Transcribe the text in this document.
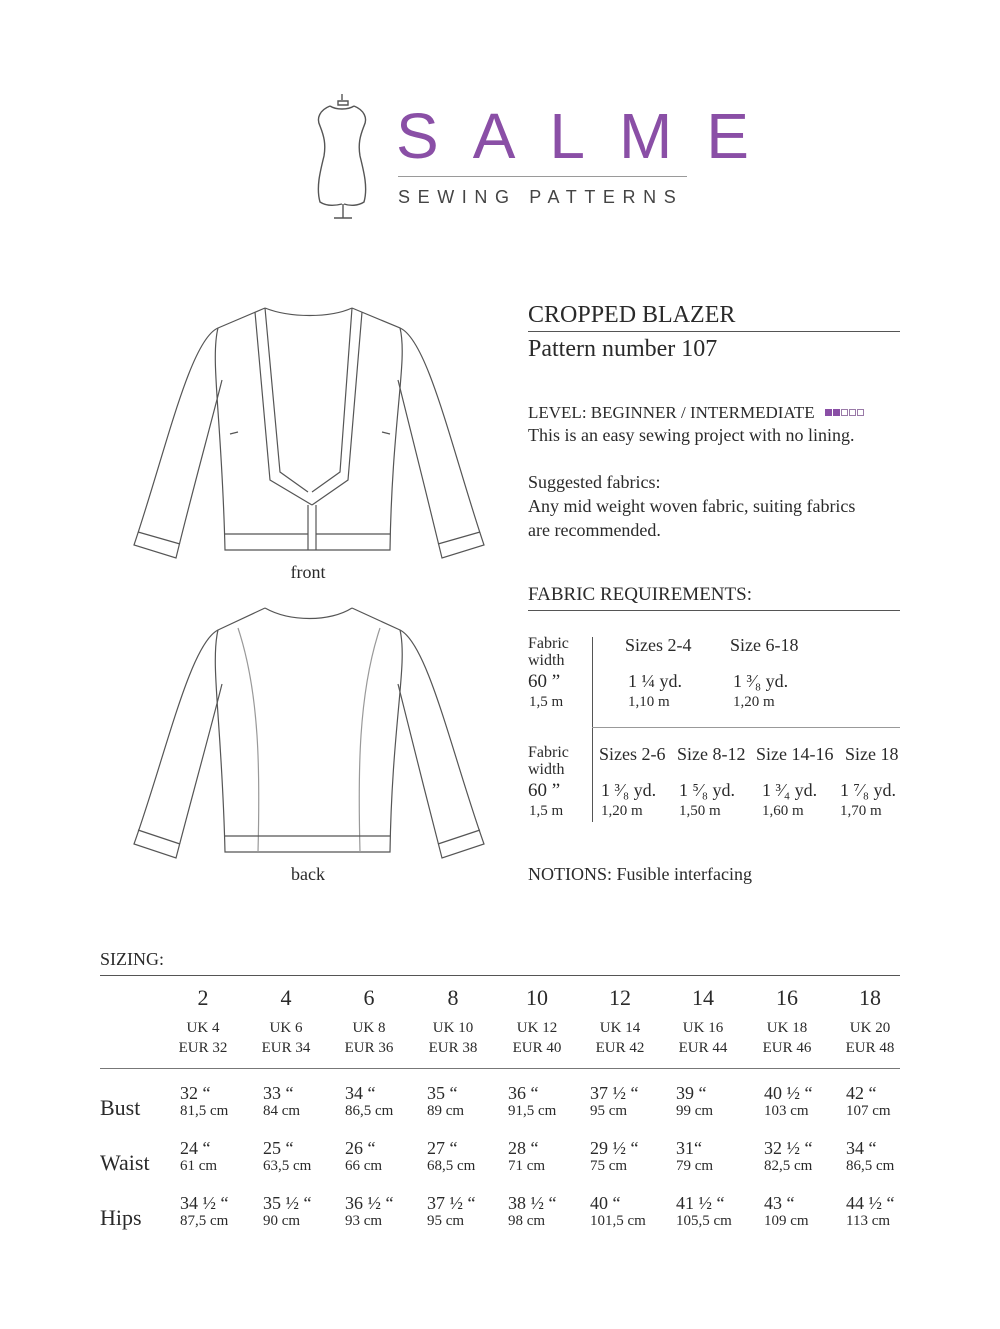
SALME
SEWING PATTERNS
front
back
CROPPED BLAZER
Pattern number 107
LEVEL: BEGINNER / INTERMEDIATE
This is an easy sewing project with no lining.
Suggested fabrics:
Any mid weight woven fabric, suiting fabrics
are recommended.
FABRIC REQUIREMENTS:
Fabric
width
60 ”
1,5 m
Sizes 2-4
1 ¼ yd.
1,10 m
Size 6-18
1 ³⁄₈ yd.
1,20 m
Fabric
width
60 ”
1,5 m
Sizes 2-6
1 ³⁄₈ yd.
1,20 m
Size 8-12
1 ⁵⁄₈ yd.
1,50 m
Size 14-16
1 ³⁄₄ yd.
1,60 m
Size 18
1 ⁷⁄₈ yd.
1,70 m
NOTIONS: Fusible interfacing
SIZING:
2
UK 4
EUR 32
32 “
81,5 cm
24 “
61 cm
34 ½ “
87,5 cm
4
UK 6
EUR 34
33 “
84 cm
25 “
63,5 cm
35 ½ “
90 cm
6
UK 8
EUR 36
34 “
86,5 cm
26 “
66 cm
36 ½ “
93 cm
8
UK 10
EUR 38
35 “
89 cm
27 “
68,5 cm
37 ½ “
95 cm
10
UK 12
EUR 40
36 “
91,5 cm
28 “
71 cm
38 ½ “
98 cm
12
UK 14
EUR 42
37 ½ “
95 cm
29 ½ “
75 cm
40 “
101,5 cm
14
UK 16
EUR 44
39 “
99 cm
31“
79 cm
41 ½ “
105,5 cm
16
UK 18
EUR 46
40 ½ “
103 cm
32 ½ “
82,5 cm
43 “
109 cm
18
UK 20
EUR 48
42 “
107 cm
34 “
86,5 cm
44 ½ “
113 cm
Bust
Waist
Hips
